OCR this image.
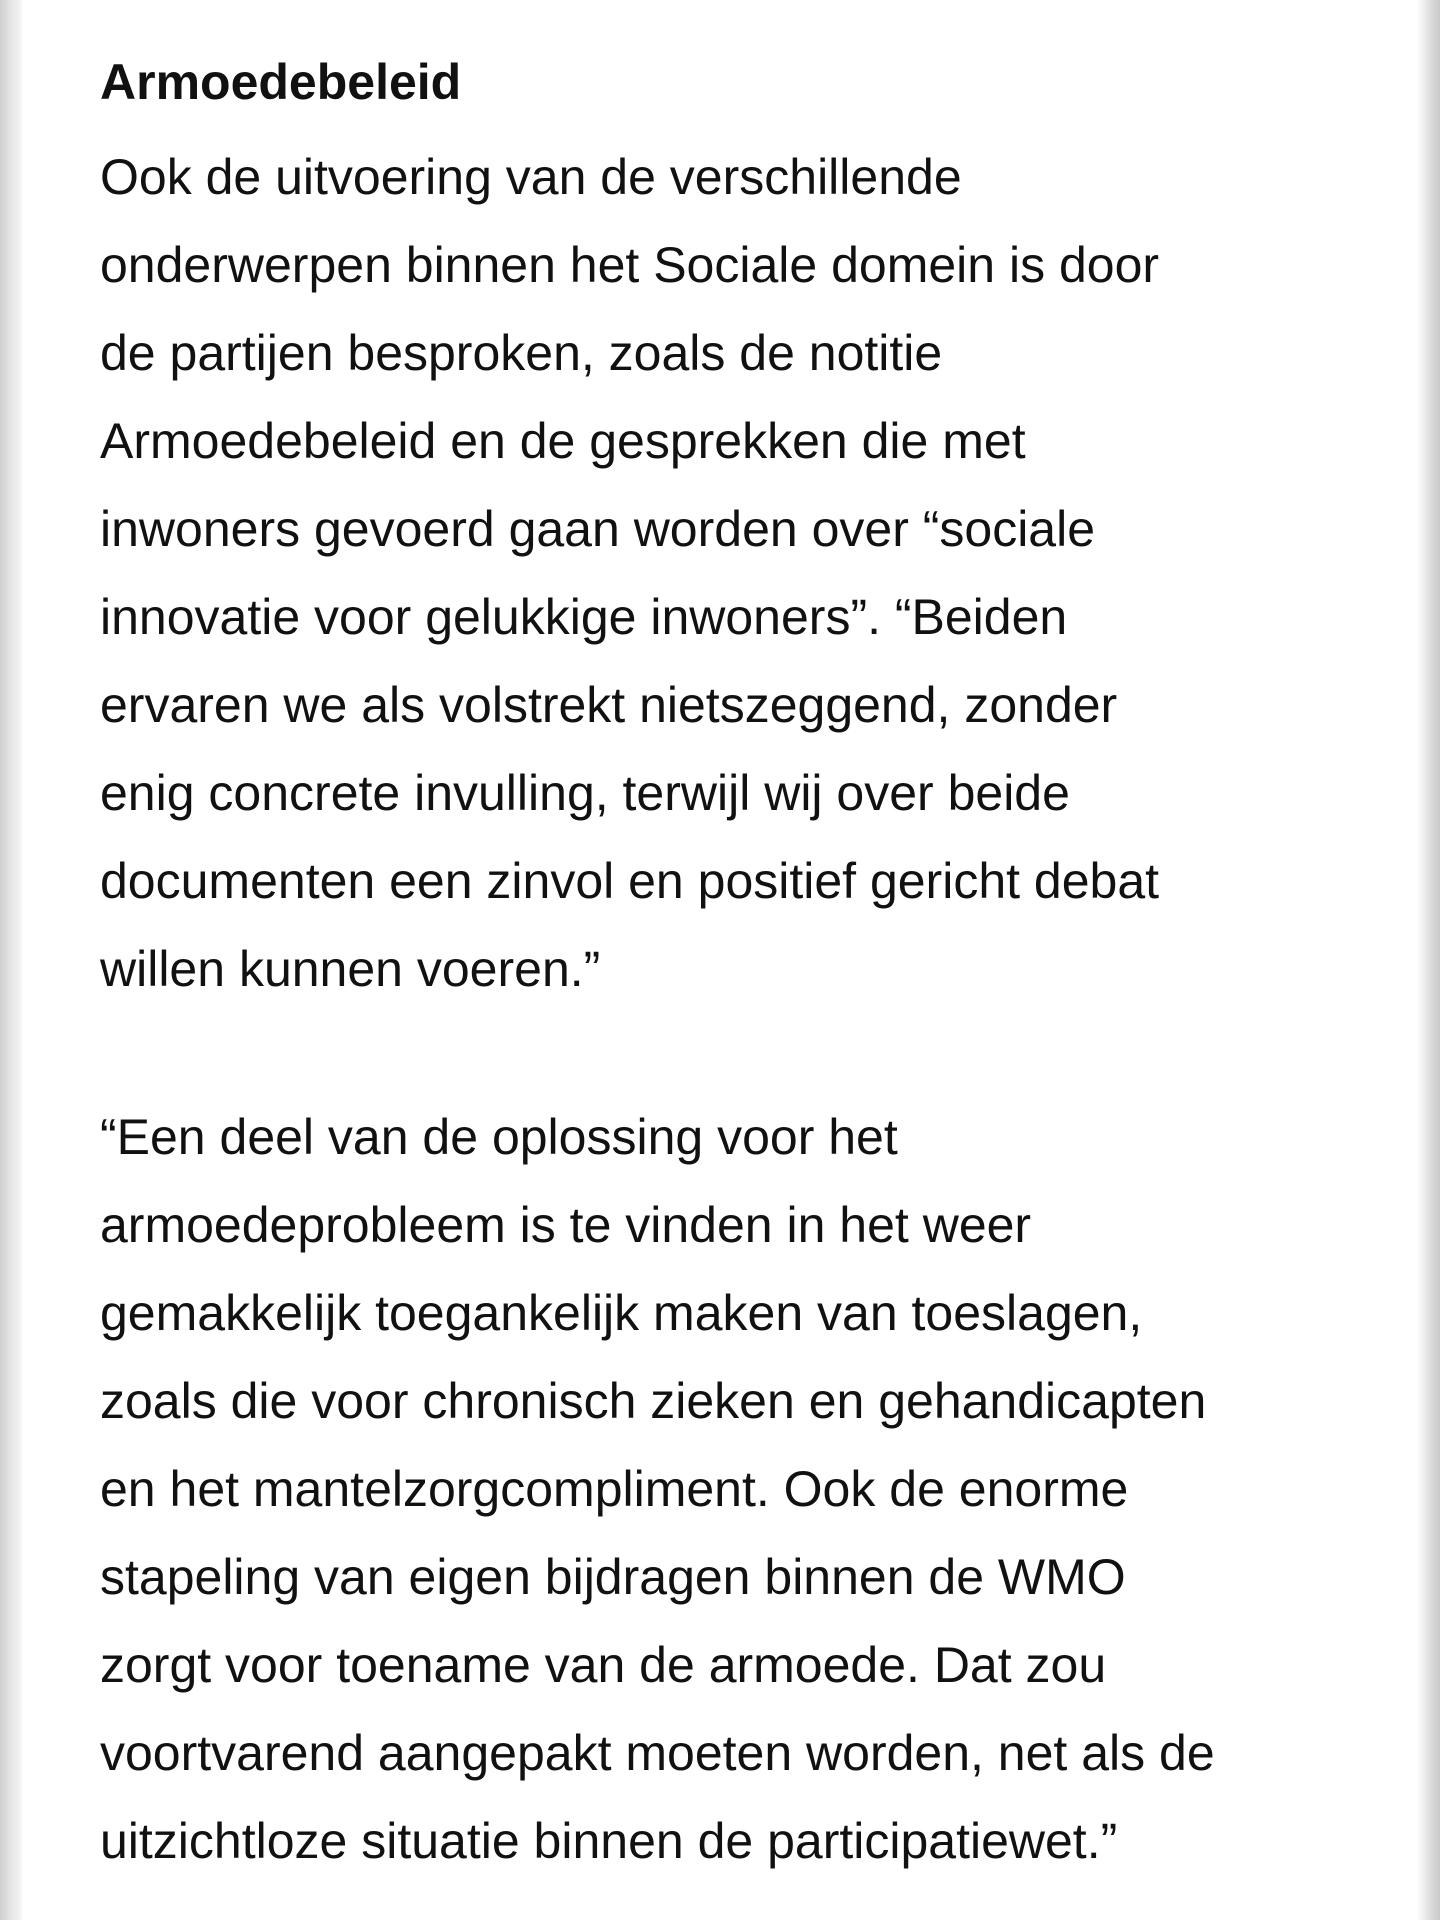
Armoedebeleid

Ook de uitvoering van de verschillende
onderwerpen binnen het Sociale domein is door
de partijen besproken, zoals de notitie
Armoedebeleid en de gesprekken die met
inwoners gevoerd gaan worden over “sociale
innovatie voor gelukkige inwoners”. “Beiden
ervaren we als volstrekt nietszeggend, zonder
enig concrete invulling, terwijl wij over beide
documenten een zinvol en positief gericht debat
willen kunnen voeren.”

“Een deel van de oplossing voor het
armoedeprobleem is te vinden in het weer
gemakkelijk toegankelijk maken van toeslagen,
zoals die voor chronisch zieken en gehandicapten
en het mantelzorgcompliment. Ook de enorme
stapeling van eigen bijdragen binnen de WMO
zorgt voor toename van de armoede. Dat zou
voortvarend aangepakt moeten worden, net als de
uitzichtloze situatie binnen de participatiewet.”
